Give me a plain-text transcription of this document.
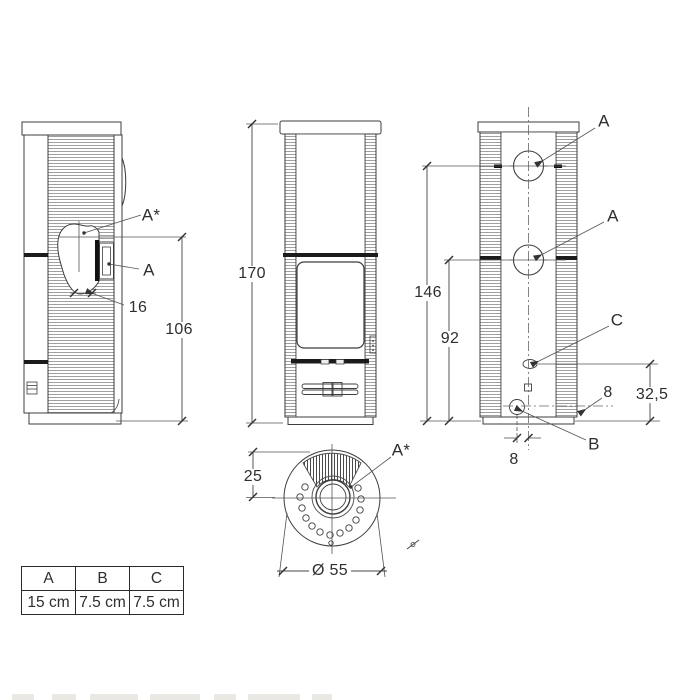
A*
A
16
106
170
A
A
146
92
C
32,5
8
B
8
25
A*
Ø 55
A	B	C
15 cm	7.5 cm	7.5 cm
